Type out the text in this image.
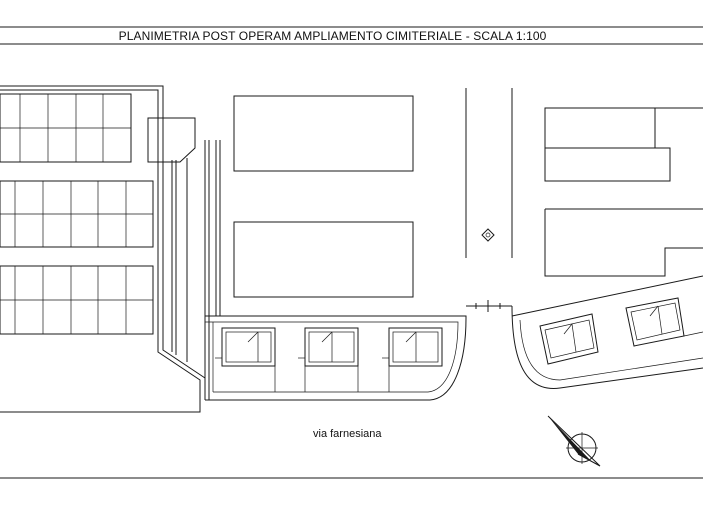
PLANIMETRIA POST OPERAM AMPLIAMENTO CIMITERIALE - SCALA 1:100
via farnesiana
